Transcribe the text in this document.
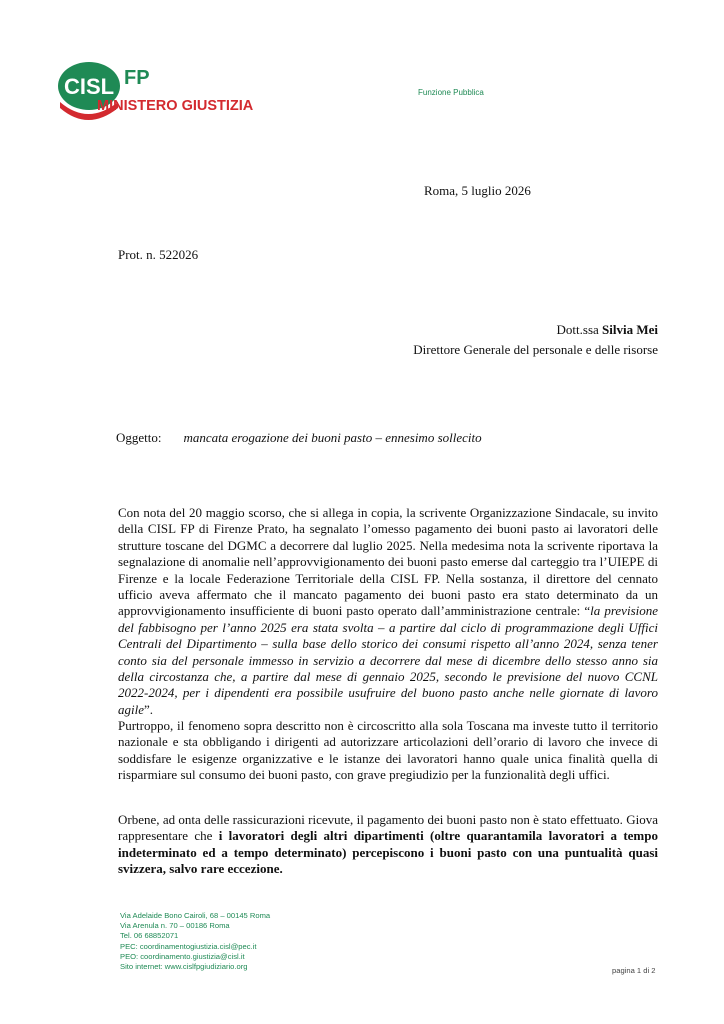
CISL FP
MINISTERO GIUSTIZIA
Funzione Pubblica
Roma, 5 luglio 2026
Prot. n. 522026
Dott.ssa Silvia Mei
Direttore Generale del personale e delle risorse
Oggetto: mancata erogazione dei buoni pasto – ennesimo sollecito
Con nota del 20 maggio scorso, che si allega in copia, la scrivente Organizzazione Sindacale, su invito della CISL FP di Firenze Prato, ha segnalato l’omesso pagamento dei buoni pasto ai lavoratori delle strutture toscane del DGMC a decorrere dal luglio 2025. Nella medesima nota la scrivente riportava la segnalazione di anomalie nell’approvvigionamento dei buoni pasto emerse dal carteggio tra l’UIEPE di Firenze e la locale Federazione Territoriale della CISL FP. Nella sostanza, il direttore del cennato ufficio aveva affermato che il mancato pagamento dei buoni pasto era stato determinato da un approvvigionamento insufficiente di buoni pasto operato dall’amministrazione centrale: “la previsione del fabbisogno per l’anno 2025 era stata svolta – a partire dal ciclo di programmazione degli Uffici Centrali del Dipartimento – sulla base dello storico dei consumi rispetto all’anno 2024, senza tener conto sia del personale immesso in servizio a decorrere dal mese di dicembre dello stesso anno sia della circostanza che, a partire dal mese di gennaio 2025, secondo le previsione del nuovo CCNL 2022-2024, per i dipendenti era possibile usufruire del buono pasto anche nelle giornate di lavoro agile”.
Purtroppo, il fenomeno sopra descritto non è circoscritto alla sola Toscana ma investe tutto il territorio nazionale e sta obbligando i dirigenti ad autorizzare articolazioni dell’orario di lavoro che invece di soddisfare le esigenze organizzative e le istanze dei lavoratori hanno quale unica finalità quella di risparmiare sul consumo dei buoni pasto, con grave pregiudizio per la funzionalità degli uffici.
Orbene, ad onta delle rassicurazioni ricevute, il pagamento dei buoni pasto non è stato effettuato. Giova rappresentare che i lavoratori degli altri dipartimenti (oltre quarantamila lavoratori a tempo indeterminato ed a tempo determinato) percepiscono i buoni pasto con una puntualità quasi svizzera, salvo rare eccezione.
Via Adelaide Bono Cairoli, 68 – 00145 Roma
Via Arenula n. 70 – 00186 Roma
Tel. 06 68852071
PEC: coordinamentogiustizia.cisl@pec.it
PEO: coordinamento.giustizia@cisl.it
Sito internet: www.cislfpgiudiziario.org	pagina 1 di 2
